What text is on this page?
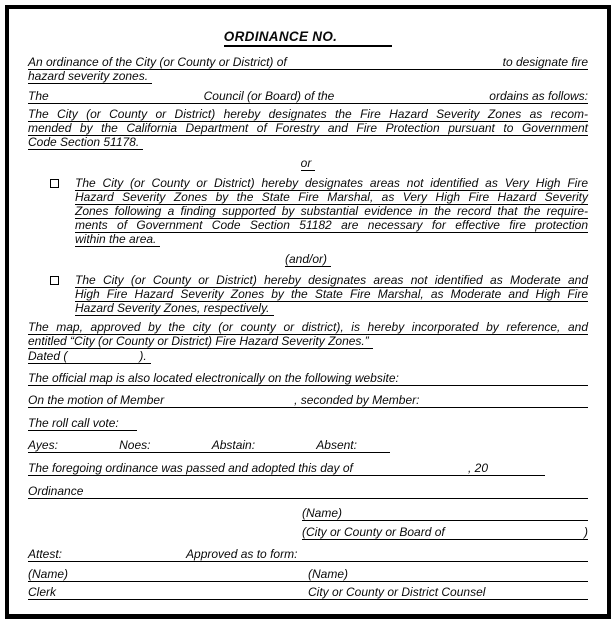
ORDINANCE NO.
An ordinance of the City (or County or District) of	to designate fire
hazard severity zones.
The	Council (or Board) of the	ordains as follows:
The City (or County or District) hereby designates the Fire Hazard Severity Zones as recom-
mended by the California Department of Forestry and Fire Protection pursuant to Government
Code Section 51178.
or
The City (or County or District) hereby designates areas not identified as Very High Fire
Hazard Severity Zones by the State Fire Marshal, as Very High Fire Hazard Severity
Zones following a finding supported by substantial evidence in the record that the require-
ments of Government Code Section 51182 are necessary for effective fire protection
within the area.
(and/or)
The City (or County or District) hereby designates areas not identified as Moderate and
High Fire Hazard Severity Zones by the State Fire Marshal, as Moderate and High Fire
Hazard Severity Zones, respectively.
The map, approved by the city (or county or district), is hereby incorporated by reference, and
entitled “City (or County or District) Fire Hazard Severity Zones.”
Dated (	).
The official map is also located electronically on the following website:
On the motion of Member	, seconded by Member:
The roll call vote:
Ayes:	Noes:	Abstain:	Absent:
The foregoing ordinance was passed and adopted this day of	, 20
Ordinance
(Name)
(City or County or Board of	)
Attest:	Approved as to form:
(Name)	(Name)
Clerk	City or County or District Counsel
